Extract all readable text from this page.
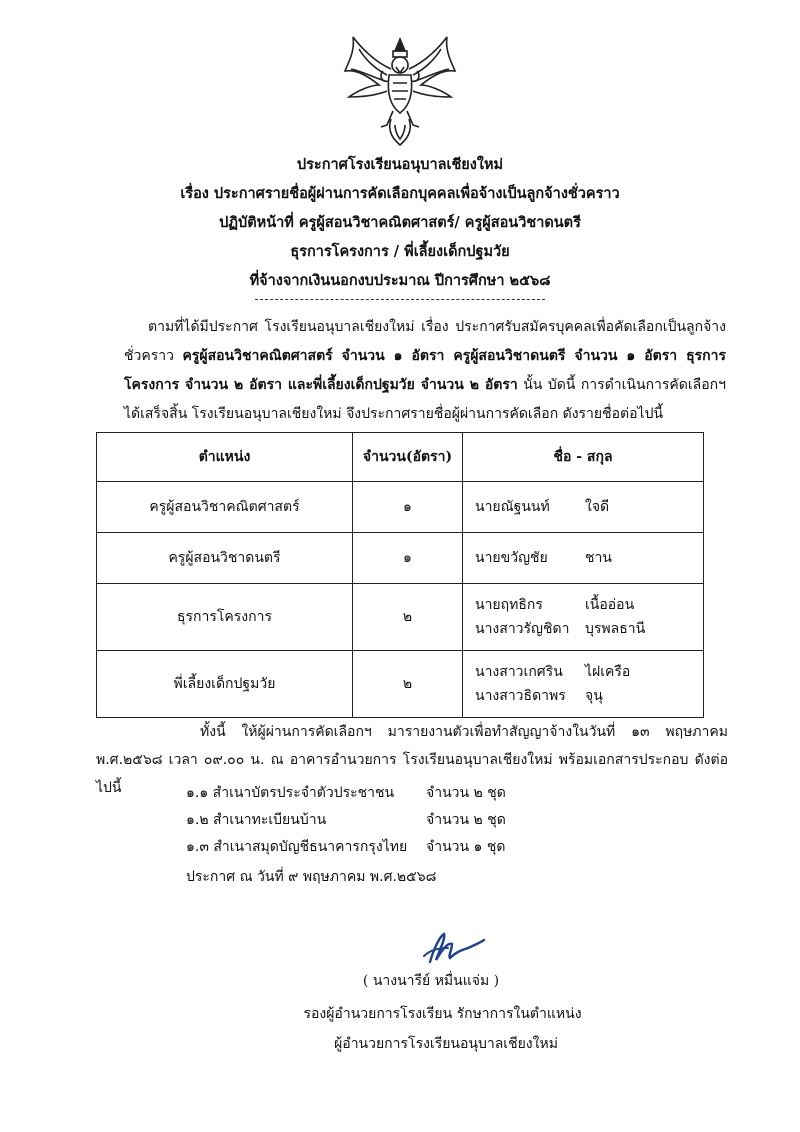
ประกาศโรงเรียนอนุบาลเชียงใหม่
เรื่อง ประกาศรายชื่อผู้ผ่านการคัดเลือกบุคคลเพื่อจ้างเป็นลูกจ้างชั่วคราว
ปฏิบัติหน้าที่ ครูผู้สอนวิชาคณิตศาสตร์/ ครูผู้สอนวิชาดนตรี
ธุรการโครงการ / พี่เลี้ยงเด็กปฐมวัย
ที่จ้างจากเงินนอกงบประมาณ ปีการศึกษา ๒๕๖๘
ตามที่ได้มีประกาศ โรงเรียนอนุบาลเชียงใหม่ เรื่อง ประกาศรับสมัครบุคคลเพื่อคัดเลือกเป็นลูกจ้างชั่วคราว ครูผู้สอนวิชาคณิตศาสตร์ จำนวน ๑ อัตรา ครูผู้สอนวิชาดนตรี จำนวน ๑ อัตรา ธุรการโครงการ จำนวน ๒ อัตรา และพี่เลี้ยงเด็กปฐมวัย จำนวน ๒ อัตรา นั้น บัดนี้ การดำเนินการคัดเลือกฯ ได้เสร็จสิ้น โรงเรียนอนุบาลเชียงใหม่ จึงประกาศรายชื่อผู้ผ่านการคัดเลือก ดังรายชื่อต่อไปนี้
ตำแหน่ง	จำนวน(อัตรา)	ชื่อ - สกุล
ครูผู้สอนวิชาคณิตศาสตร์	๑	นายณัฐนนท์ ใจดี

ครูผู้สอนวิชาดนตรี	๑	นายขวัญชัย ชาน

ธุรการโครงการ	๒	นายฤทธิกร เนื้ออ่อน
นางสาวรัญชิดา บุรพลธานี

พี่เลี้ยงเด็กปฐมวัย	๒	นางสาวเกศริน ไฝเครือ
นางสาวธิดาพร จุนุ
ทั้งนี้ ให้ผู้ผ่านการคัดเลือกฯ มารายงานตัวเพื่อทำสัญญาจ้างในวันที่ ๑๓ พฤษภาคม พ.ศ.๒๕๖๘ เวลา ๐๙.๐๐ น. ณ อาคารอำนวยการ โรงเรียนอนุบาลเชียงใหม่ พร้อมเอกสารประกอบ ดังต่อไปนี้	๑.๑ สำเนาบัตรประจำตัวประชาชน	จำนวน ๒ ชุด
๑.๒ สำเนาทะเบียนบ้าน	จำนวน ๒ ชุด
๑.๓ สำเนาสมุดบัญชีธนาคารกรุงไทย	จำนวน ๑ ชุด
ประกาศ ณ วันที่ ๙ พฤษภาคม พ.ศ.๒๕๖๘
( นางนารีย์ หมื่นแจ่ม )
รองผู้อำนวยการโรงเรียน รักษาการในตำแหน่ง
ผู้อำนวยการโรงเรียนอนุบาลเชียงใหม่
